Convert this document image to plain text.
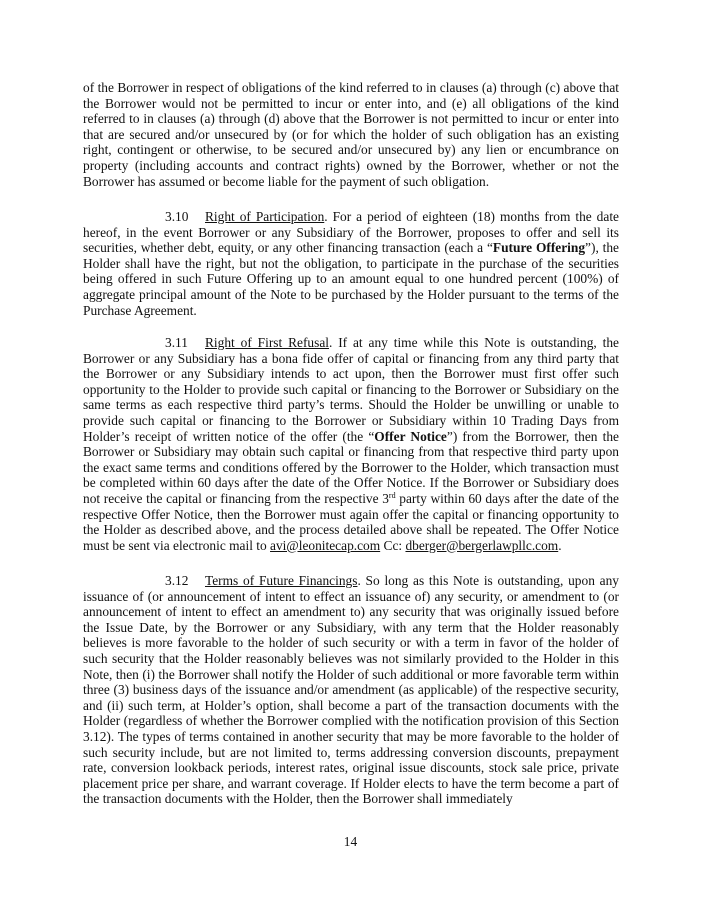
of the Borrower in respect of obligations of the kind referred to in clauses (a) through (c) above that the Borrower would not be permitted to incur or enter into, and (e) all obligations of the kind referred to in clauses (a) through (d) above that the Borrower is not permitted to incur or enter into that are secured and/or unsecured by (or for which the holder of such obligation has an existing right, contingent or otherwise, to be secured and/or unsecured by) any lien or encumbrance on property (including accounts and contract rights) owned by the Borrower, whether or not the Borrower has assumed or become liable for the payment of such obligation.

3.10 Right of Participation. For a period of eighteen (18) months from the date hereof, in the event Borrower or any Subsidiary of the Borrower, proposes to offer and sell its securities, whether debt, equity, or any other financing transaction (each a “Future Offering”), the Holder shall have the right, but not the obligation, to participate in the purchase of the securities being offered in such Future Offering up to an amount equal to one hundred percent (100%) of aggregate principal amount of the Note to be purchased by the Holder pursuant to the terms of the Purchase Agreement.

3.11 Right of First Refusal. If at any time while this Note is outstanding, the Borrower or any Subsidiary has a bona fide offer of capital or financing from any third party that the Borrower or any Subsidiary intends to act upon, then the Borrower must first offer such opportunity to the Holder to provide such capital or financing to the Borrower or Subsidiary on the same terms as each respective third party’s terms. Should the Holder be unwilling or unable to provide such capital or financing to the Borrower or Subsidiary within 10 Trading Days from Holder’s receipt of written notice of the offer (the “Offer Notice”) from the Borrower, then the Borrower or Subsidiary may obtain such capital or financing from that respective third party upon the exact same terms and conditions offered by the Borrower to the Holder, which transaction must be completed within 60 days after the date of the Offer Notice. If the Borrower or Subsidiary does not receive the capital or financing from the respective 3rd party within 60 days after the date of the respective Offer Notice, then the Borrower must again offer the capital or financing opportunity to the Holder as described above, and the process detailed above shall be repeated. The Offer Notice must be sent via electronic mail to avi@leonitecap.com Cc: dberger@bergerlawpllc.com.

3.12 Terms of Future Financings. So long as this Note is outstanding, upon any issuance of (or announcement of intent to effect an issuance of) any security, or amendment to (or announcement of intent to effect an amendment to) any security that was originally issued before the Issue Date, by the Borrower or any Subsidiary, with any term that the Holder reasonably believes is more favorable to the holder of such security or with a term in favor of the holder of such security that the Holder reasonably believes was not similarly provided to the Holder in this Note, then (i) the Borrower shall notify the Holder of such additional or more favorable term within three (3) business days of the issuance and/or amendment (as applicable) of the respective security, and (ii) such term, at Holder’s option, shall become a part of the transaction documents with the Holder (regardless of whether the Borrower complied with the notification provision of this Section 3.12). The types of terms contained in another security that may be more favorable to the holder of such security include, but are not limited to, terms addressing conversion discounts, prepayment rate, conversion lookback periods, interest rates, original issue discounts, stock sale price, private placement price per share, and warrant coverage. If Holder elects to have the term become a part of the transaction documents with the Holder, then the Borrower shall immediately

14
